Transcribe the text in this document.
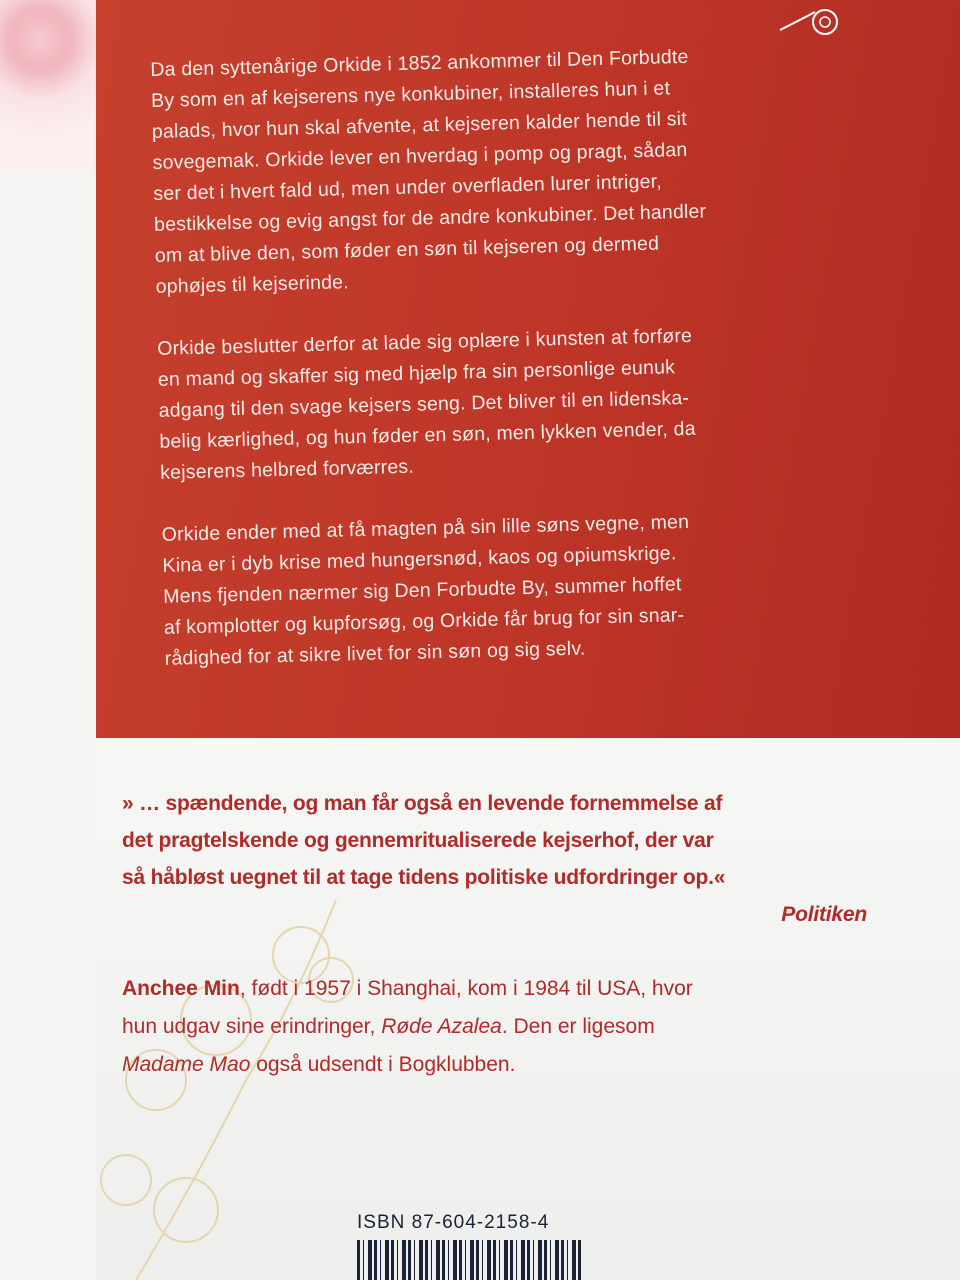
Da den syttenårige Orkide i 1852 ankommer til Den Forbudte
By som en af kejserens nye konkubiner, installeres hun i et
palads, hvor hun skal afvente, at kejseren kalder hende til sit
sovegemak. Orkide lever en hverdag i pomp og pragt, sådan
ser det i hvert fald ud, men under overfladen lurer intriger,
bestikkelse og evig angst for de andre konkubiner. Det handler
om at blive den, som føder en søn til kejseren og dermed
ophøjes til kejserinde.
Orkide beslutter derfor at lade sig oplære i kunsten at forføre
en mand og skaffer sig med hjælp fra sin personlige eunuk
adgang til den svage kejsers seng. Det bliver til en lidenska-
belig kærlighed, og hun føder en søn, men lykken vender, da
kejserens helbred forværres.
Orkide ender med at få magten på sin lille søns vegne, men
Kina er i dyb krise med hungersnød, kaos og opiumskrige.
Mens fjenden nærmer sig Den Forbudte By, summer hoffet
af komplotter og kupforsøg, og Orkide får brug for sin snar-
rådighed for at sikre livet for sin søn og sig selv.
» … spændende, og man får også en levende fornemmelse af
det pragtelskende og gennemritualiserede kejserhof, der var
så håbløst uegnet til at tage tidens politiske udfordringer op.«
Politiken
Anchee Min, født i 1957 i Shanghai, kom i 1984 til USA, hvor
hun udgav sine erindringer, Røde Azalea. Den er ligesom
Madame Mao også udsendt i Bogklubben.
ISBN 87-604-2158-4
